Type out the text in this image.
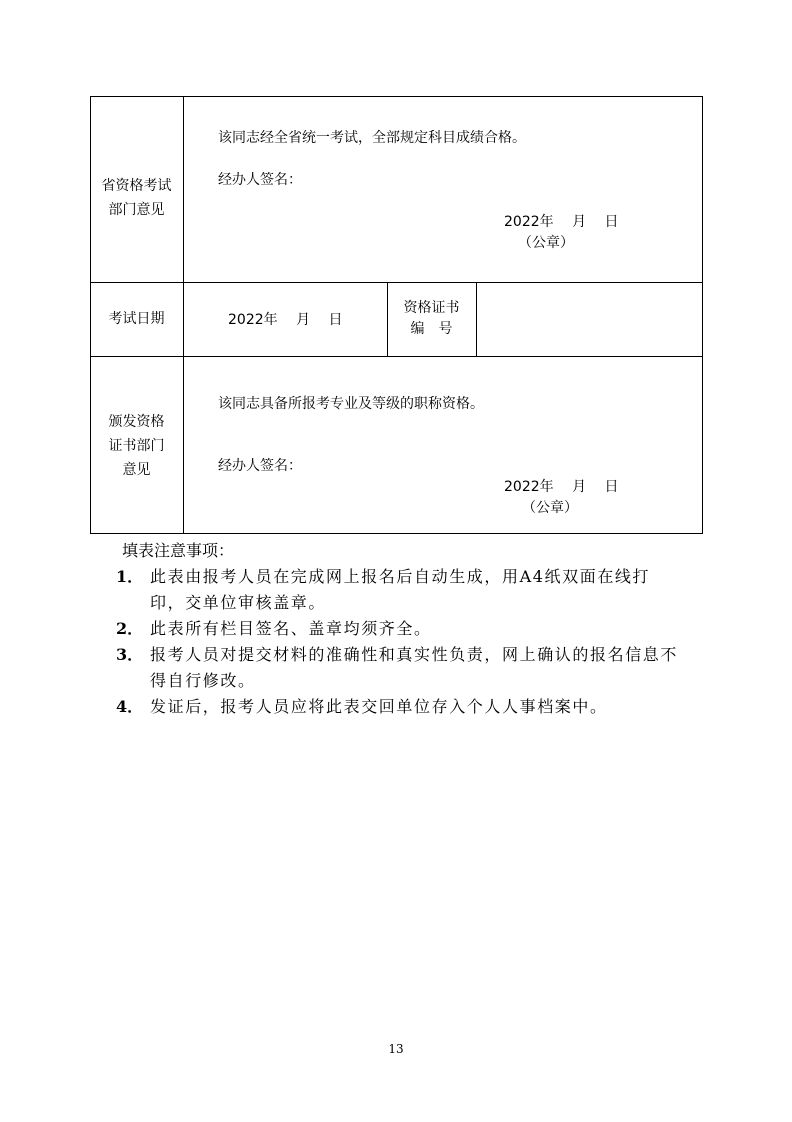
省资格考试
部门意见
该同志经全省统一考试，全部规定科目成绩合格。
经办人签名：
2022年　 月　 日
（公章）
考试日期	2022年　 月　 日
资格证书
编　号
颁发资格
证书部门
意见
该同志具备所报考专业及等级的职称资格。
经办人签名：
2022年　 月　 日
（公章）
填表注意事项：
1． 此表由报考人员在完成网上报名后自动生成，用A4纸双面在线打印，交单位审核盖章。
2． 此表所有栏目签名、盖章均须齐全。
3． 报考人员对提交材料的准确性和真实性负责，网上确认的报名信息不得自行修改。
4． 发证后，报考人员应将此表交回单位存入个人人事档案中。
13
